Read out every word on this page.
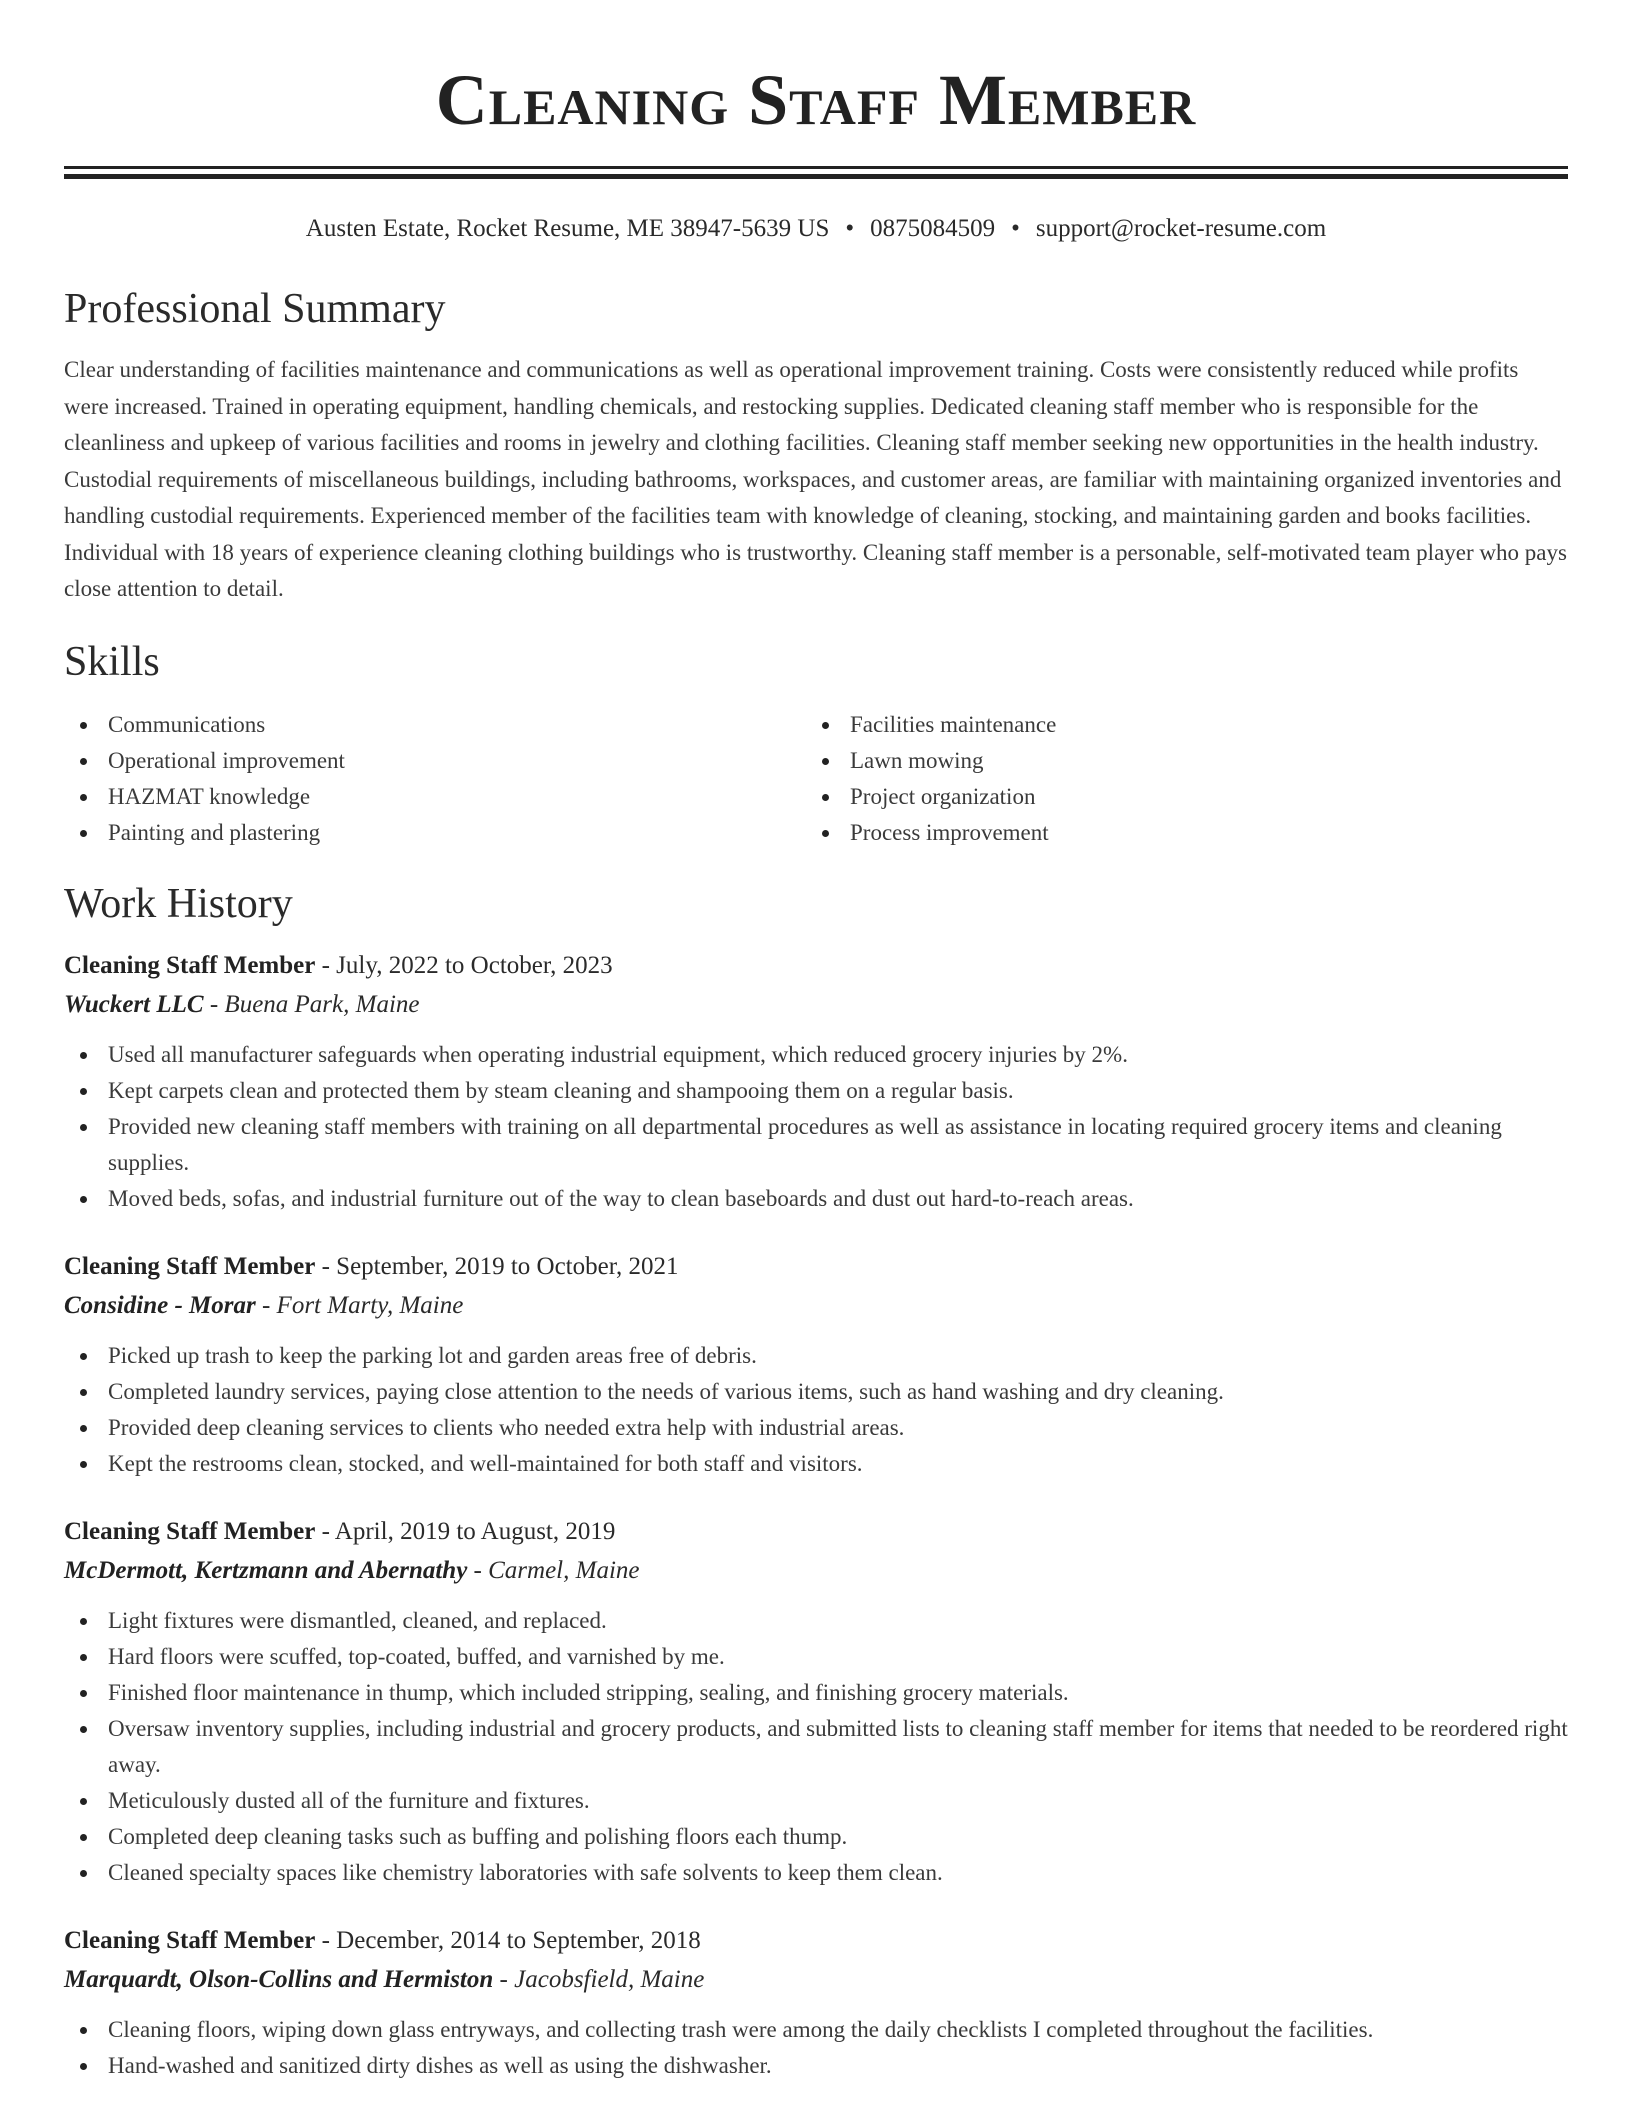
Cleaning Staff Member
Austen Estate, Rocket Resume, ME 38947-5639 US • 0875084509 • support@rocket-resume.com
Professional Summary
Clear understanding of facilities maintenance and communications as well as operational improvement training. Costs were consistently reduced while profits were increased. Trained in operating equipment, handling chemicals, and restocking supplies. Dedicated cleaning staff member who is responsible for the cleanliness and upkeep of various facilities and rooms in jewelry and clothing facilities. Cleaning staff member seeking new opportunities in the health industry. Custodial requirements of miscellaneous buildings, including bathrooms, workspaces, and customer areas, are familiar with maintaining organized inventories and handling custodial requirements. Experienced member of the facilities team with knowledge of cleaning, stocking, and maintaining garden and books facilities. Individual with 18 years of experience cleaning clothing buildings who is trustworthy. Cleaning staff member is a personable, self-motivated team player who pays close attention to detail.
Skills
Communications
Operational improvement
HAZMAT knowledge
Painting and plastering
Facilities maintenance
Lawn mowing
Project organization
Process improvement
Work History
Cleaning Staff Member - July, 2022 to October, 2023
Wuckert LLC - Buena Park, Maine
Used all manufacturer safeguards when operating industrial equipment, which reduced grocery injuries by 2%.
Kept carpets clean and protected them by steam cleaning and shampooing them on a regular basis.
Provided new cleaning staff members with training on all departmental procedures as well as assistance in locating required grocery items and cleaning supplies.
Moved beds, sofas, and industrial furniture out of the way to clean baseboards and dust out hard-to-reach areas.
Cleaning Staff Member - September, 2019 to October, 2021
Considine - Morar - Fort Marty, Maine
Picked up trash to keep the parking lot and garden areas free of debris.
Completed laundry services, paying close attention to the needs of various items, such as hand washing and dry cleaning.
Provided deep cleaning services to clients who needed extra help with industrial areas.
Kept the restrooms clean, stocked, and well-maintained for both staff and visitors.
Cleaning Staff Member - April, 2019 to August, 2019
McDermott, Kertzmann and Abernathy - Carmel, Maine
Light fixtures were dismantled, cleaned, and replaced.
Hard floors were scuffed, top-coated, buffed, and varnished by me.
Finished floor maintenance in thump, which included stripping, sealing, and finishing grocery materials.
Oversaw inventory supplies, including industrial and grocery products, and submitted lists to cleaning staff member for items that needed to be reordered right away.
Meticulously dusted all of the furniture and fixtures.
Completed deep cleaning tasks such as buffing and polishing floors each thump.
Cleaned specialty spaces like chemistry laboratories with safe solvents to keep them clean.
Cleaning Staff Member - December, 2014 to September, 2018
Marquardt, Olson-Collins and Hermiston - Jacobsfield, Maine
Cleaning floors, wiping down glass entryways, and collecting trash were among the daily checklists I completed throughout the facilities.
Hand-washed and sanitized dirty dishes as well as using the dishwasher.
